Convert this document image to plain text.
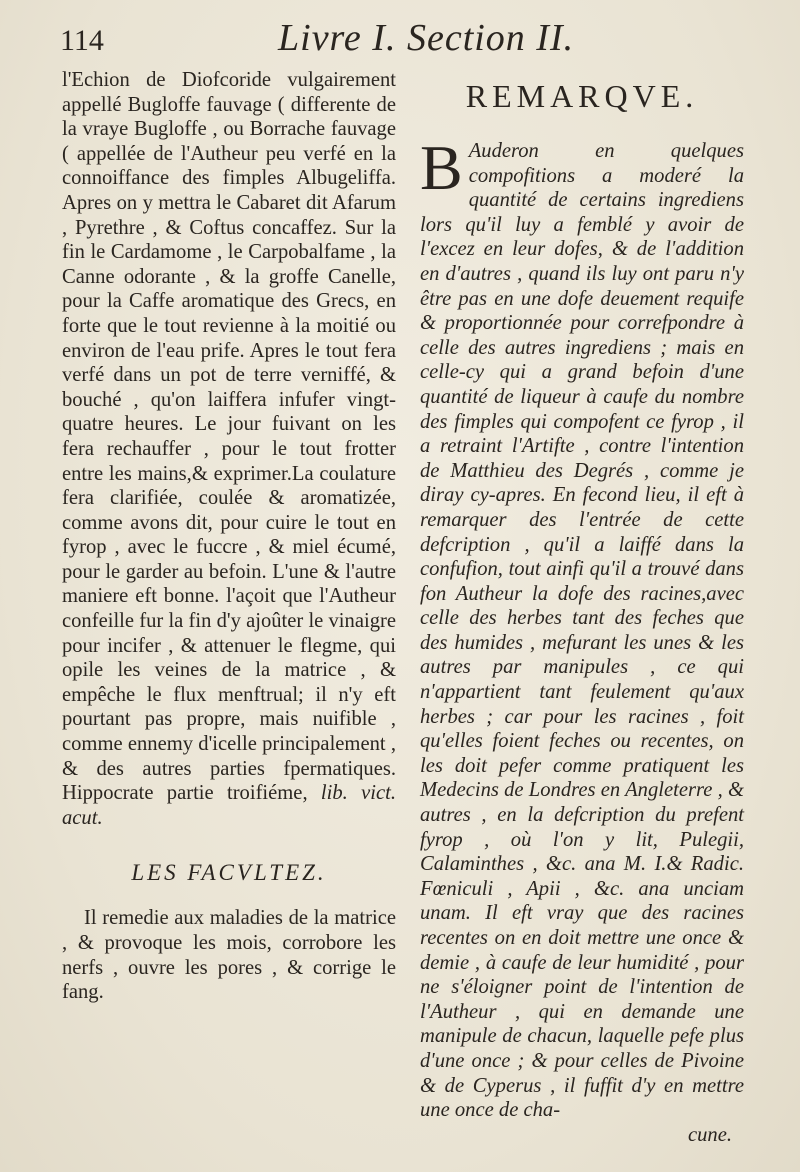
114	Livre I. Section II.

l'Echion de Diofcoride vulgairement appellé Bugloffe fauvage ( differente de la vraye Bugloffe , ou Borrache fauvage ( appellée de l'Autheur peu verfé en la connoiffance des fimples Albugeliffa. Apres on y mettra le Cabaret dit Afarum , Pyrethre , & Coftus concaffez. Sur la fin le Cardamome , le Carpobalfame , la Canne odorante , & la groffe Canelle, pour la Caffe aromatique des Grecs, en forte que le tout revienne à la moitié ou environ de l'eau prife. Apres le tout fera verfé dans un pot de terre verniffé, & bouché , qu'on laiffera infufer vingt-quatre heures. Le jour fuivant on les fera rechauffer , pour le tout frotter entre les mains,& exprimer.La coulature fera clarifiée, coulée & aromatizée, comme avons dit, pour cuire le tout en fyrop , avec le fuccre , & miel écumé, pour le garder au befoin. L'une & l'autre maniere eft bonne. l'açoit que l'Autheur confeille fur la fin d'y ajoûter le vinaigre pour incifer , & attenuer le flegme, qui opile les veines de la matrice , & empêche le flux menftrual; il n'y eft pourtant pas propre, mais nuifible , comme ennemy d'icelle principalement , & des autres parties fpermatiques. Hippocrate partie troifiéme, lib. vict. acut.

LES FACVLTEZ.

Il remedie aux maladies de la matrice , & provoque les mois, corrobore les nerfs , ouvre les pores , & corrige le fang.

REMARQVE.

B Auderon en quelques compofitions a moderé la quantité de certains ingrediens lors qu'il luy a femblé y avoir de l'excez en leur dofes, & de l'addition en d'autres , quand ils luy ont paru n'y être pas en une dofe deuement requife & proportionnée pour correfpondre à celle des autres ingrediens ; mais en celle-cy qui a grand befoin d'une quantité de liqueur à caufe du nombre des fimples qui compofent ce fyrop , il a retraint l'Artifte , contre l'intention de Matthieu des Degrés , comme je diray cy-apres. En fecond lieu, il eft à remarquer des l'entrée de cette defcription , qu'il a laiffé dans la confufion, tout ainfi qu'il a trouvé dans fon Autheur la dofe des racines,avec celle des herbes tant des feches que des humides , mefurant les unes & les autres par manipules , ce qui n'appartient tant feulement qu'aux herbes ; car pour les racines , foit qu'elles foient feches ou recentes, on les doit pefer comme pratiquent les Medecins de Londres en Angleterre , & autres , en la defcription du prefent fyrop , où l'on y lit, Pulegii, Calaminthes , &c. ana M. I.& Radic. Fœniculi , Apii , &c. ana unciam unam. Il eft vray que des racines recentes on en doit mettre une once & demie , à caufe de leur humidité , pour ne s'éloigner point de l'intention de l'Autheur , qui en demande une manipule de chacun, laquelle pefe plus d'une once ; & pour celles de Pivoine & de Cyperus , il fuffit d'y en mettre une once de cha-
cune.
